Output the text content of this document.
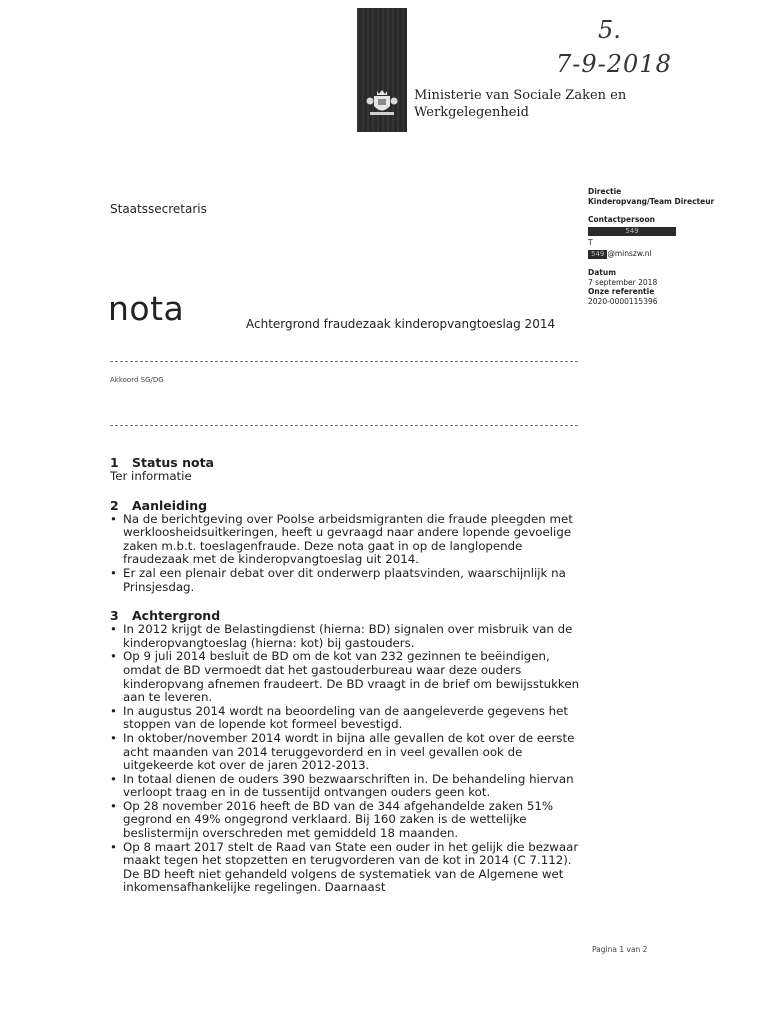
Ministerie van Sociale Zaken en
Werkgelegenheid
5.
7-9-2018
Staatssecretaris
Directie
Kinderopvang/Team Directeur
Contactpersoon
549
T
549 @minszw.nl
Datum
7 september 2018
Onze referentie
2020-0000115396
nota	Achtergrond fraudezaak kinderopvangtoeslag 2014
Akkoord SG/DG
1 Status nota
Ter informatie
2 Aanleiding
• Na de berichtgeving over Poolse arbeidsmigranten die fraude pleegden met werkloosheidsuitkeringen, heeft u gevraagd naar andere lopende gevoelige zaken m.b.t. toeslagenfraude. Deze nota gaat in op de langlopende fraudezaak met de kinderopvangtoeslag uit 2014.
• Er zal een plenair debat over dit onderwerp plaatsvinden, waarschijnlijk na Prinsjesdag.
3 Achtergrond
• In 2012 krijgt de Belastingdienst (hierna: BD) signalen over misbruik van de kinderopvangtoeslag (hierna: kot) bij gastouders.
• Op 9 juli 2014 besluit de BD om de kot van 232 gezinnen te beëindigen, omdat de BD vermoedt dat het gastouderbureau waar deze ouders kinderopvang afnemen fraudeert. De BD vraagt in de brief om bewijsstukken aan te leveren.
• In augustus 2014 wordt na beoordeling van de aangeleverde gegevens het stoppen van de lopende kot formeel bevestigd.
• In oktober/november 2014 wordt in bijna alle gevallen de kot over de eerste acht maanden van 2014 teruggevorderd en in veel gevallen ook de uitgekeerde kot over de jaren 2012-2013.
• In totaal dienen de ouders 390 bezwaarschriften in. De behandeling hiervan verloopt traag en in de tussentijd ontvangen ouders geen kot.
• Op 28 november 2016 heeft de BD van de 344 afgehandelde zaken 51% gegrond en 49% ongegrond verklaard. Bij 160 zaken is de wettelijke beslistermijn overschreden met gemiddeld 18 maanden.
• Op 8 maart 2017 stelt de Raad van State een ouder in het gelijk die bezwaar maakt tegen het stopzetten en terugvorderen van de kot in 2014 (C 7.112). De BD heeft niet gehandeld volgens de systematiek van de Algemene wet inkomensafhankelijke regelingen. Daarnaast
Pagina 1 van 2
